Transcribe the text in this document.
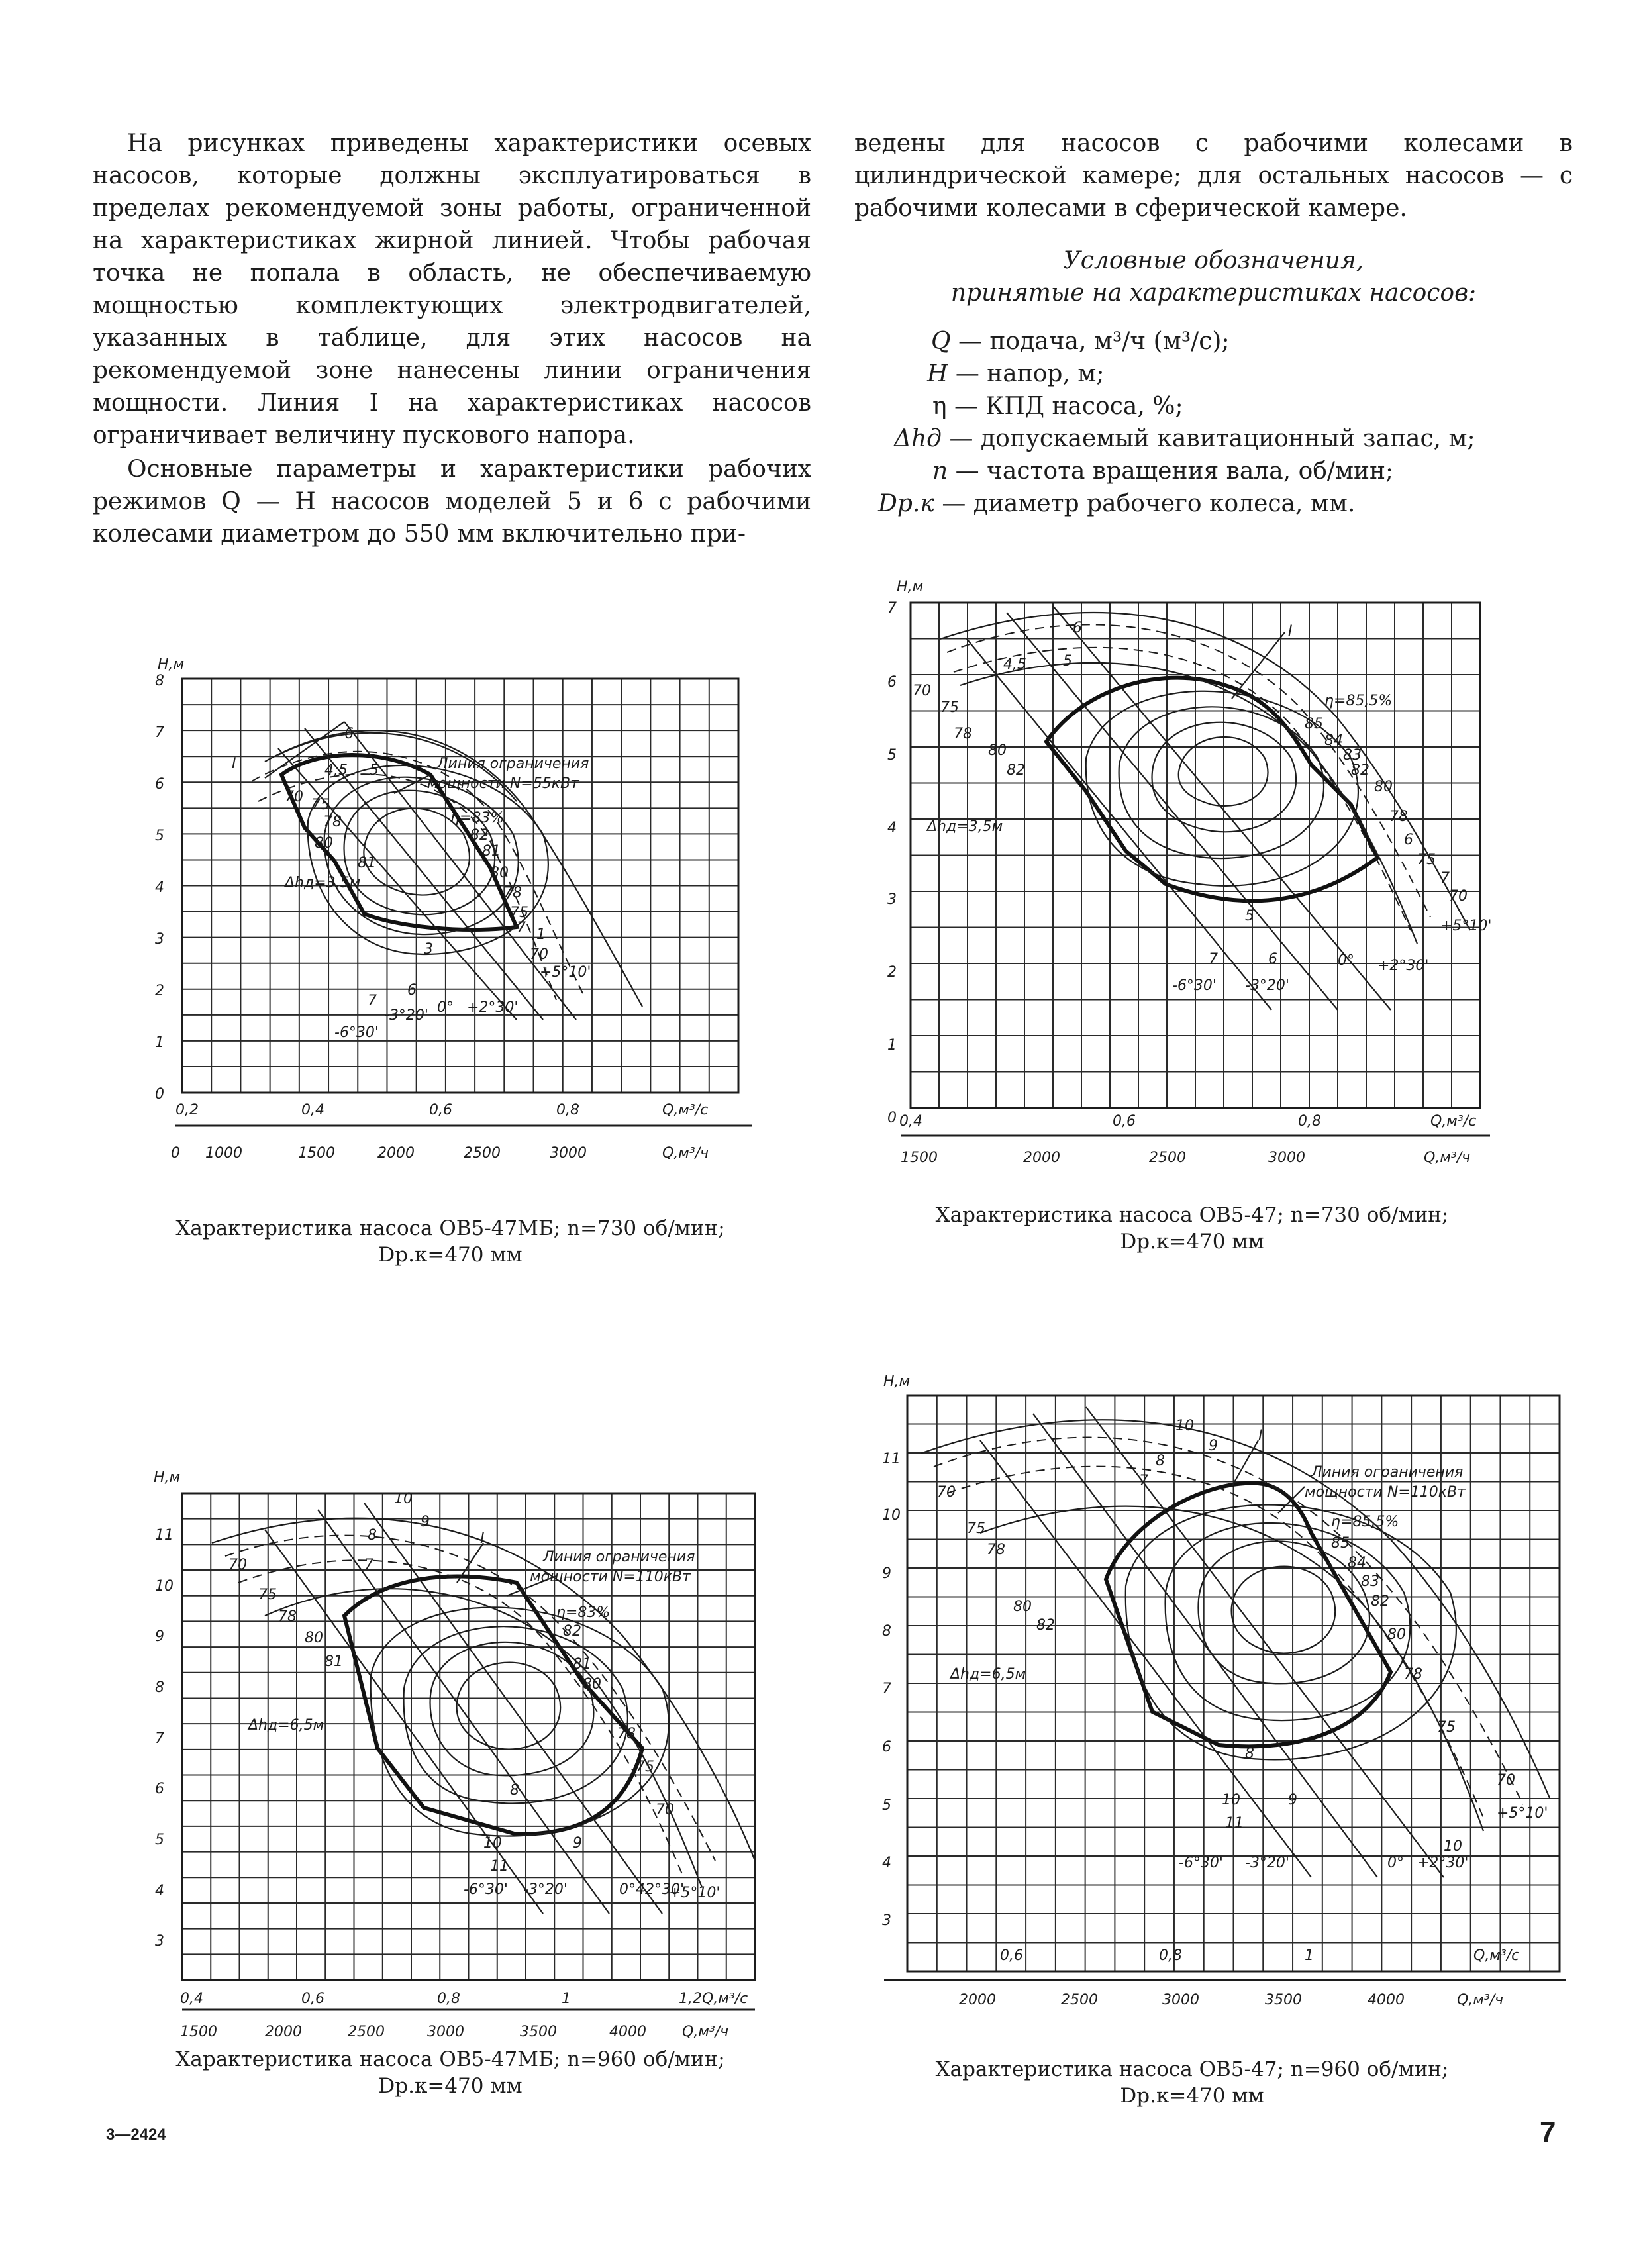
На рисунках приведены характеристики осевых насосов, которые должны эксплуатироваться в пределах рекомендуемой зоны работы, ограниченной на характеристиках жирной линией. Чтобы рабочая точка не попала в область, не обеспечиваемую мощностью комплектующих электродвигателей, указанных в таблице, для этих насосов на рекомендуемой зоне нанесены линии ограничения мощности. Линия I на характеристиках насосов ограничивает величину пускового напора.

Основные параметры и характеристики рабочих режимов Q — H насосов моделей 5 и 6 с рабочими колесами диаметром до 550 мм включительно при-

ведены для насосов с рабочими колесами в цилиндрической камере; для остальных насосов — с рабочими колесами в сферической камере.

Условные обозначения,
принятые на характеристиках насосов:
Q — подача, м³/ч (м³/с);
H — напор, м;
η — КПД насоса, %;
Δhд — допускаемый кавитационный запас, м;
n — частота вращения вала, об/мин;
Dр.к — диаметр рабочего колеса, мм.
H,м
8
7
6
5
4
3
2
1
0
0,2	0,4	0,6	0,8	Q,м³/с
0 1000	1500	2000	2500	3000	Q,м³/ч
I	Линия ограничения
мощности N=55кВт
η=83%
Δhд=3,5м
6
4,5 5
70 75
78
80
81
82
81
80
78
75
7 1
70
7
6
3
+5°10'
-6°30'
-3°20' 0° +2°30'
Характеристика насоса ОВ5-47МБ; n=730 об/мин;
Dр.к=470 мм
H,м
7
6
5
4
3
2
1
0 0,4	0,6	0,8	Q,м³/с
1500	2000	2500	3000	Q,м³/ч
I
η=85,5%
Δhд=3,5м
6
4,5	5
70
75
78
80
82
85
84
83
82
80
78
6
75
7
70
5
7	6
+5°10'
-6°30' -3°20'
0° +2°30'
Характеристика насоса ОВ5-47; n=730 об/мин;
Dр.к=470 мм
H,м
11
10
9
8
7
6
5
4
3
0,4	0,6	0,8	1	1,2 Q,м³/с
1500	2000	2500	3000	3500	4000 Q,м³/ч
I
Линия ограничения
мощности N=110кВт
η=83%
Δhд=6,5м
10
9
8
7
70
75
78
80
81
82
81
80
78
75
70
8
10	9
11
+5°10'
-6°30' -3°20'	0°42°30'
Характеристика насоса ОВ5-47МБ; n=960 об/мин;
Dр.к=470 мм
H,м
11
10
9
8
7
6
5
4
3
0,6	0,8	1	Q,м³/с
2000	2500	3000	3500	4000	Q,м³/ч
I
Линия ограничения
мощности N=110кВт
η=85,5%
Δhд=6,5м
10
9
8
7
70
75
78
80
82
85
84
83
82
80
78
75
70
8
10	9
11
10
+5°10'
-6°30' -3°20'	0° +2°30'
Характеристика насоса ОВ5-47; n=960 об/мин;
Dр.к=470 мм
3—2424	7
